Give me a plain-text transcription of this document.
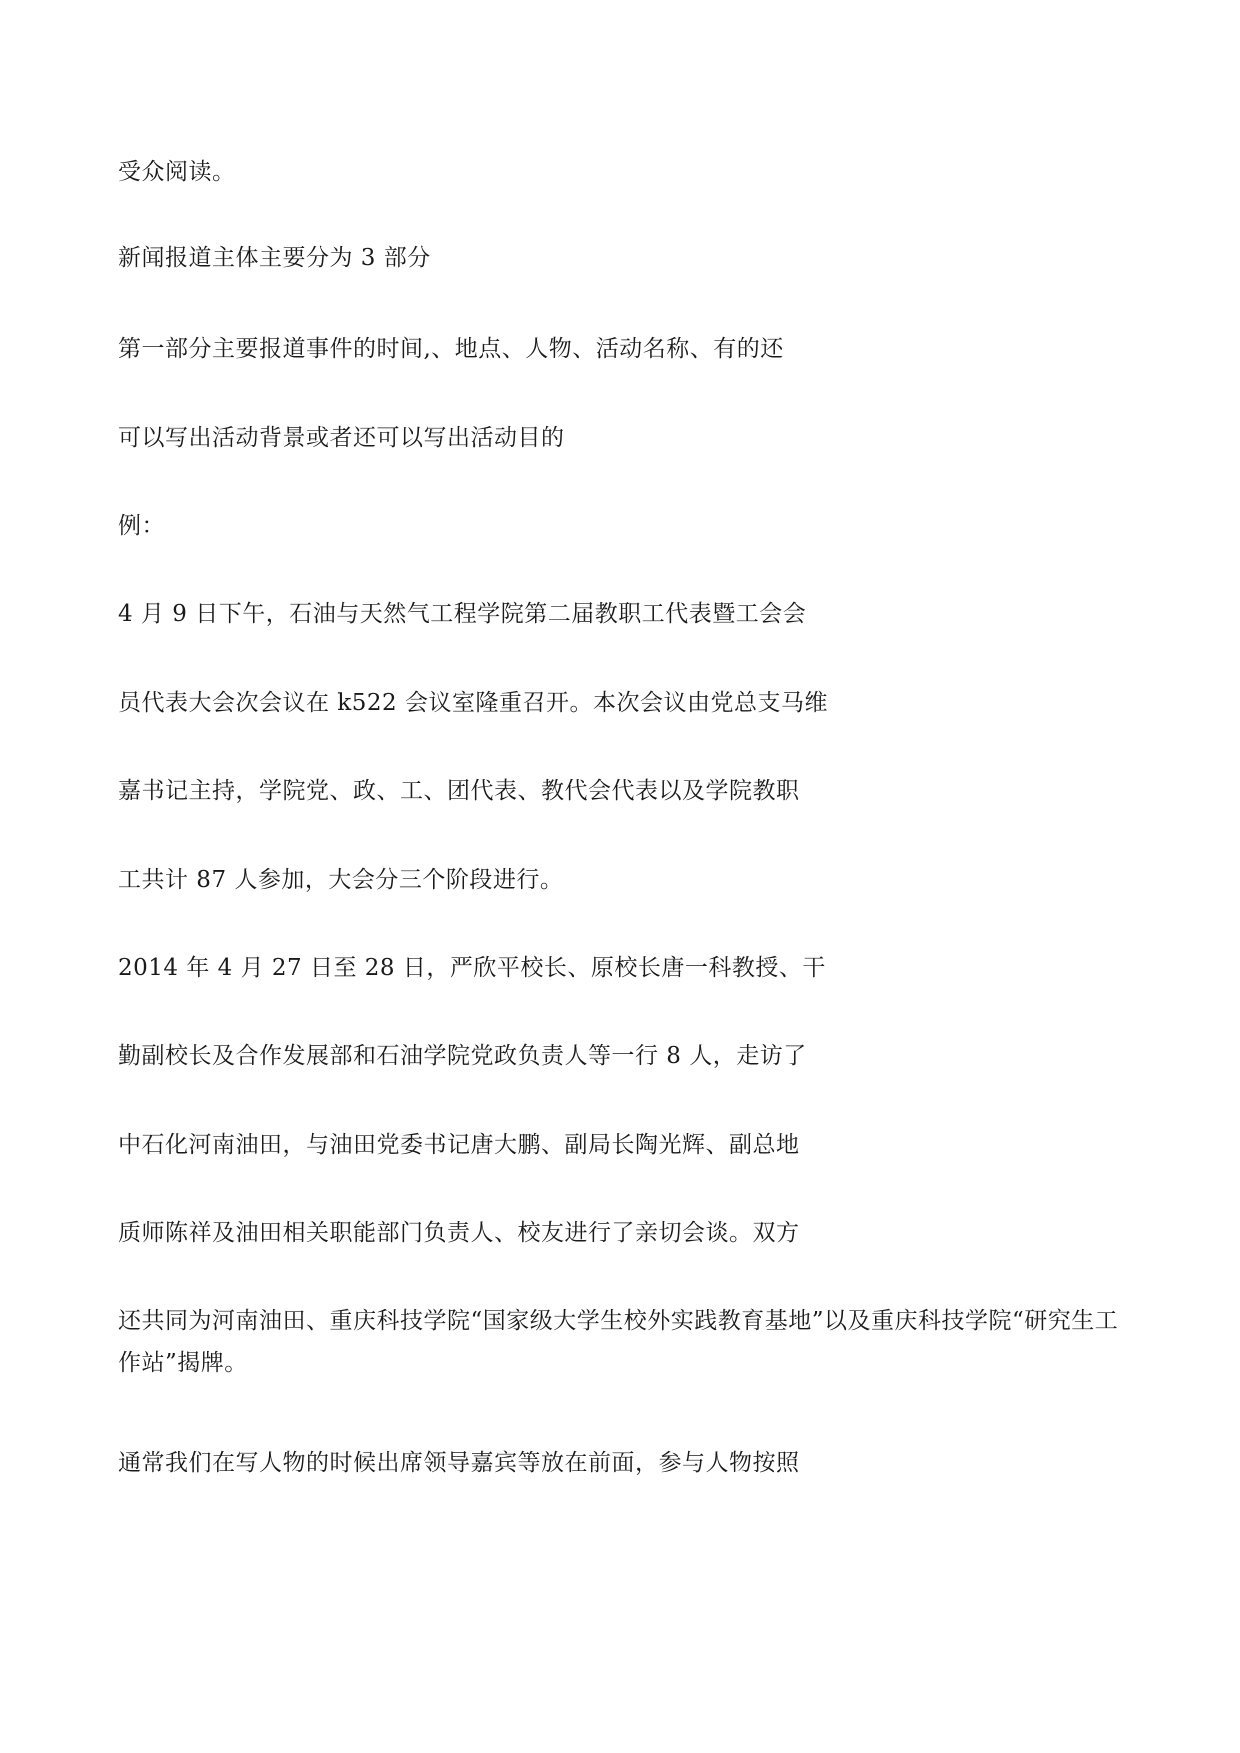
受众阅读。

新闻报道主体主要分为 3 部分

第一部分主要报道事件的时间,、地点、人物、活动名称、有的还

可以写出活动背景或者还可以写出活动目的

例：

4 月 9 日下午，石油与天然气工程学院第二届教职工代表暨工会会

员代表大会次会议在 k522 会议室隆重召开。本次会议由党总支马维

嘉书记主持，学院党、政、工、团代表、教代会代表以及学院教职

工共计 87 人参加，大会分三个阶段进行。

2014 年 4 月 27 日至 28 日，严欣平校长、原校长唐一科教授、干

勤副校长及合作发展部和石油学院党政负责人等一行 8 人，走访了

中石化河南油田，与油田党委书记唐大鹏、副局长陶光辉、副总地

质师陈祥及油田相关职能部门负责人、校友进行了亲切会谈。双方

还共同为河南油田、重庆科技学院“国家级大学生校外实践教育基地”以及重庆科技学院“研究生工作站”揭牌。

通常我们在写人物的时候出席领导嘉宾等放在前面，参与人物按照
